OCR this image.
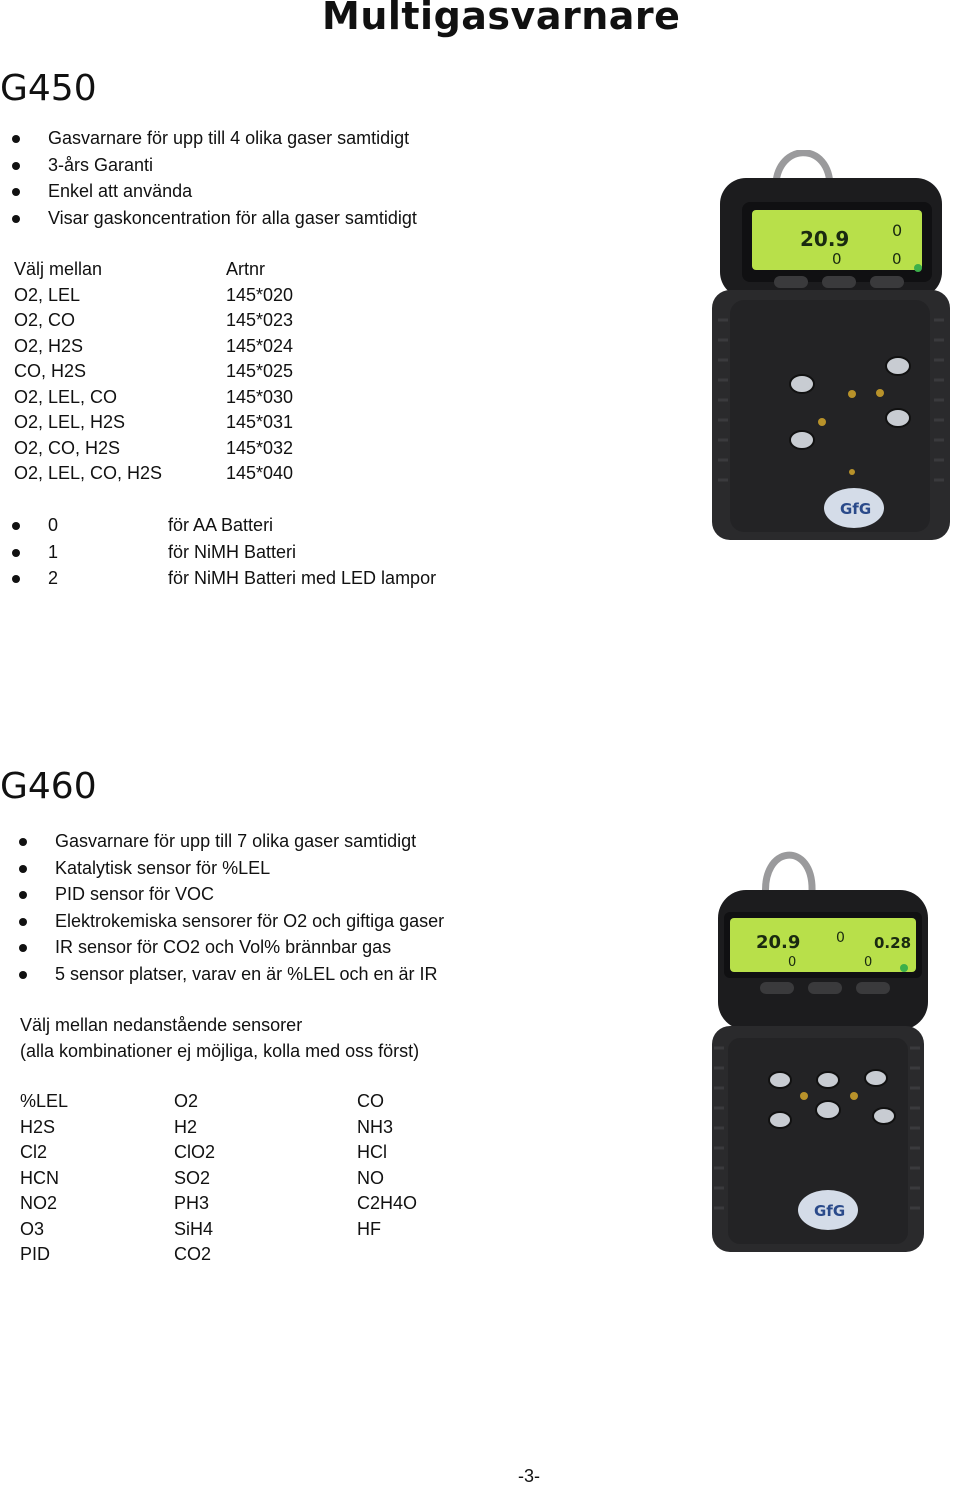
Multigasvarnare
G450
Gasvarnare för upp till 4 olika gaser samtidigt
3-års Garanti
Enkel att använda
Visar gaskoncentration för alla gaser samtidigt
Välj mellan	Artnr
O2, LEL	145*020
O2, CO	145*023
O2, H2S	145*024
CO, H2S	145*025
O2, LEL, CO	145*030
O2, LEL, H2S	145*031
O2, CO, H2S	145*032
O2, LEL, CO, H2S	145*040
0	för AA Batteri
1	för NiMH Batteri
2	för NiMH Batteri med LED lampor
20.9	0
0	0
GfG
G460
Gasvarnare för upp till 7 olika gaser samtidigt
Katalytisk sensor för %LEL
PID sensor för VOC
Elektrokemiska sensorer för O2 och giftiga gaser
IR sensor för CO2 och Vol% brännbar gas
5 sensor platser, varav en är %LEL och en är IR
Välj mellan nedanstående sensorer
(alla kombinationer ej möjliga, kolla med oss först)
%LEL	O2	CO
H2S	H2	NH3
Cl2	ClO2	HCl
HCN	SO2	NO
NO2	PH3	C2H4O
O3	SiH4	HF
PID	CO2	
20.9	0 0.28
0	0
GfG
-3-
